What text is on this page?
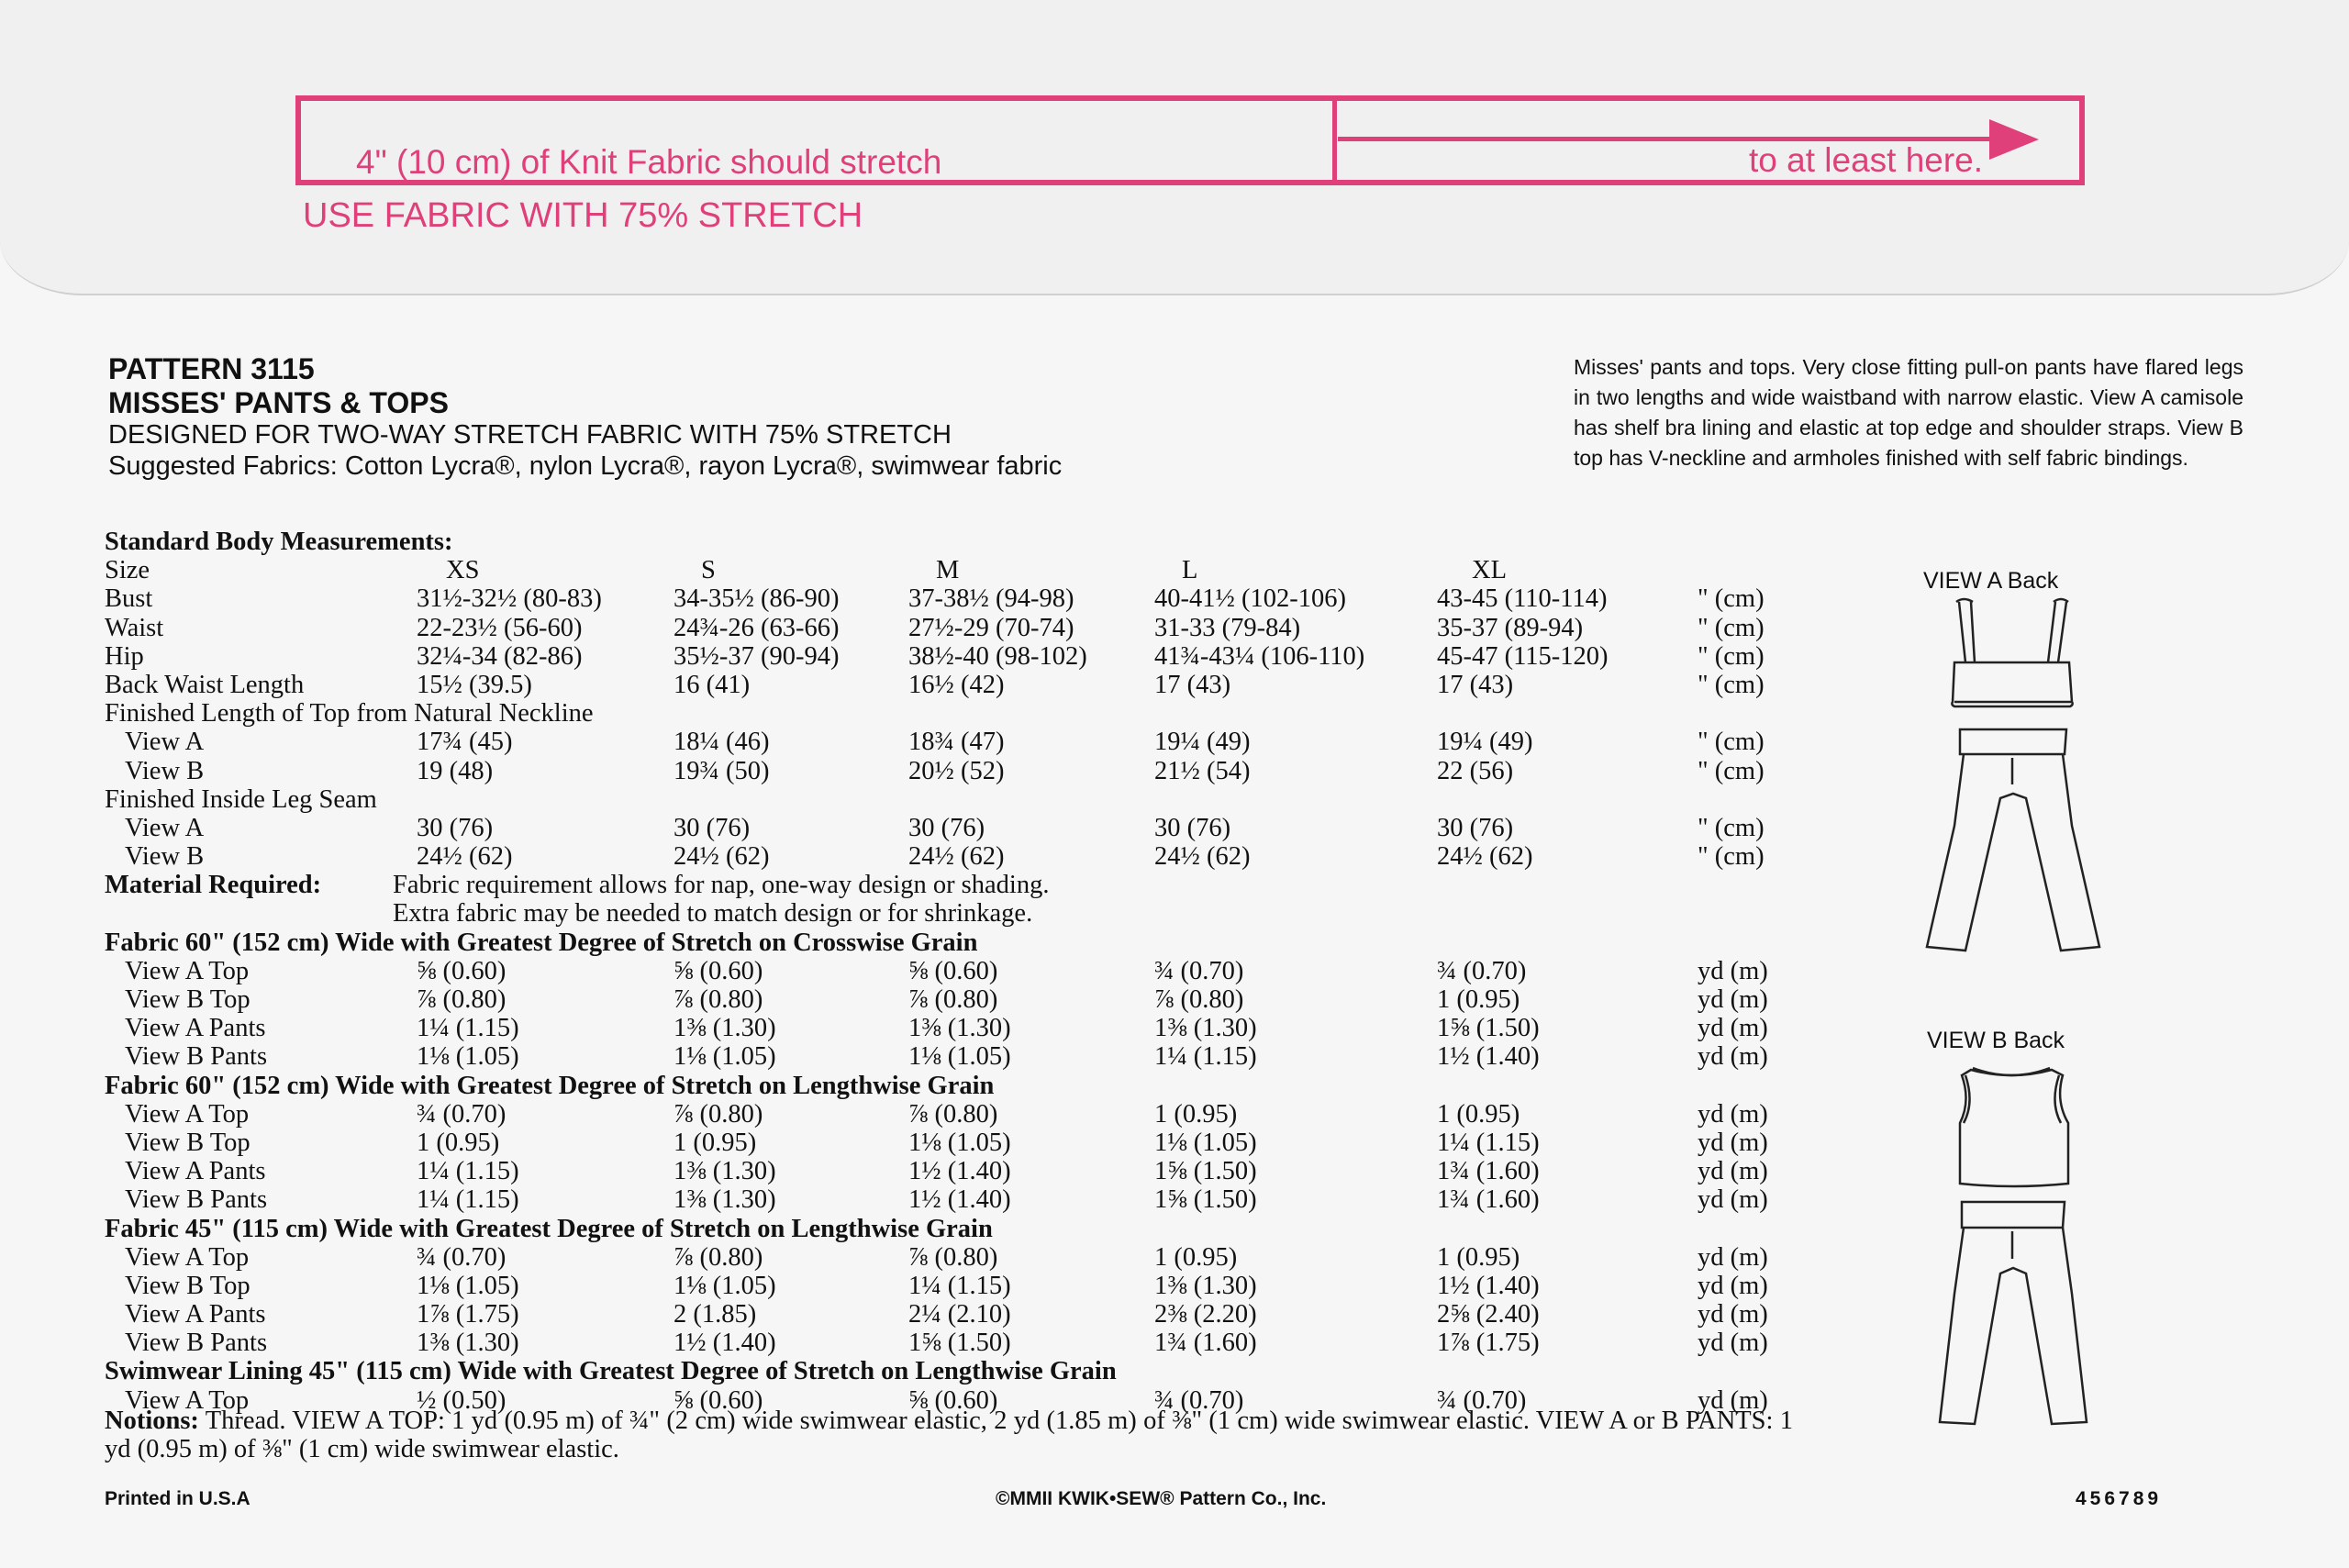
4" (10 cm) of Knit Fabric should stretch	to at least here.
USE FABRIC WITH 75% STRETCH
PATTERN 3115
MISSES' PANTS & TOPS
DESIGNED FOR TWO-WAY STRETCH FABRIC WITH 75% STRETCH
Suggested Fabrics: Cotton Lycra®, nylon Lycra®, rayon Lycra®, swimwear fabric
Misses' pants and tops. Very close fitting pull-on pants have flared legs in two lengths and wide waistband with narrow elastic. View A camisole has shelf bra lining and elastic at top edge and shoulder straps. View B top has V-neckline and armholes finished with self fabric bindings.
VIEW A Back
VIEW B Back
Standard Body Measurements:
Size	XS	S	M	L	XL
Bust	31½-32½ (80-83)	34-35½ (86-90)	37-38½ (94-98)	40-41½ (102-106)	43-45 (110-114)	" (cm)
Waist	22-23½ (56-60)	24¾-26 (63-66)	27½-29 (70-74)	31-33 (79-84)	35-37 (89-94)	" (cm)
Hip	32¼-34 (82-86)	35½-37 (90-94)	38½-40 (98-102)	41¾-43¼ (106-110)	45-47 (115-120)	" (cm)
Back Waist Length	15½ (39.5)	16 (41)	16½ (42)	17 (43)	17 (43)	" (cm)
Finished Length of Top from Natural Neckline
View A	17¾ (45)	18¼ (46)	18¾ (47)	19¼ (49)	19¼ (49)	" (cm)
View B	19 (48)	19¾ (50)	20½ (52)	21½ (54)	22 (56)	" (cm)
Finished Inside Leg Seam
View A	30 (76)	30 (76)	30 (76)	30 (76)	30 (76)	" (cm)
View B	24½ (62)	24½ (62)	24½ (62)	24½ (62)	24½ (62)	" (cm)
Material Required:	Fabric requirement allows for nap, one-way design or shading.
Extra fabric may be needed to match design or for shrinkage.
Fabric 60" (152 cm) Wide with Greatest Degree of Stretch on Crosswise Grain
View A Top	⅝ (0.60)	⅝ (0.60)	⅝ (0.60)	¾ (0.70)	¾ (0.70)	yd (m)
View B Top	⅞ (0.80)	⅞ (0.80)	⅞ (0.80)	⅞ (0.80)	1 (0.95)	yd (m)
View A Pants	1¼ (1.15)	1⅜ (1.30)	1⅜ (1.30)	1⅜ (1.30)	1⅝ (1.50)	yd (m)
View B Pants	1⅛ (1.05)	1⅛ (1.05)	1⅛ (1.05)	1¼ (1.15)	1½ (1.40)	yd (m)
Fabric 60" (152 cm) Wide with Greatest Degree of Stretch on Lengthwise Grain
View A Top	¾ (0.70)	⅞ (0.80)	⅞ (0.80)	1 (0.95)	1 (0.95)	yd (m)
View B Top	1 (0.95)	1 (0.95)	1⅛ (1.05)	1⅛ (1.05)	1¼ (1.15)	yd (m)
View A Pants	1¼ (1.15)	1⅜ (1.30)	1½ (1.40)	1⅝ (1.50)	1¾ (1.60)	yd (m)
View B Pants	1¼ (1.15)	1⅜ (1.30)	1½ (1.40)	1⅝ (1.50)	1¾ (1.60)	yd (m)
Fabric 45" (115 cm) Wide with Greatest Degree of Stretch on Lengthwise Grain
View A Top	¾ (0.70)	⅞ (0.80)	⅞ (0.80)	1 (0.95)	1 (0.95)	yd (m)
View B Top	1⅛ (1.05)	1⅛ (1.05)	1¼ (1.15)	1⅜ (1.30)	1½ (1.40)	yd (m)
View A Pants	1⅞ (1.75)	2 (1.85)	2¼ (2.10)	2⅜ (2.20)	2⅝ (2.40)	yd (m)
View B Pants	1⅜ (1.30)	1½ (1.40)	1⅝ (1.50)	1¾ (1.60)	1⅞ (1.75)	yd (m)
Swimwear Lining 45" (115 cm) Wide with Greatest Degree of Stretch on Lengthwise Grain
View A Top	½ (0.50)	⅝ (0.60)	⅝ (0.60)	¾ (0.70)	¾ (0.70)	yd (m)
Notions: Thread. VIEW A TOP: 1 yd (0.95 m) of ¾" (2 cm) wide swimwear elastic, 2 yd (1.85 m) of ⅜" (1 cm) wide swimwear elastic. VIEW A or B PANTS: 1 yd (0.95 m) of ⅜" (1 cm) wide swimwear elastic.
Printed in U.S.A	©MMII KWIK•SEW® Pattern Co., Inc.	456789
